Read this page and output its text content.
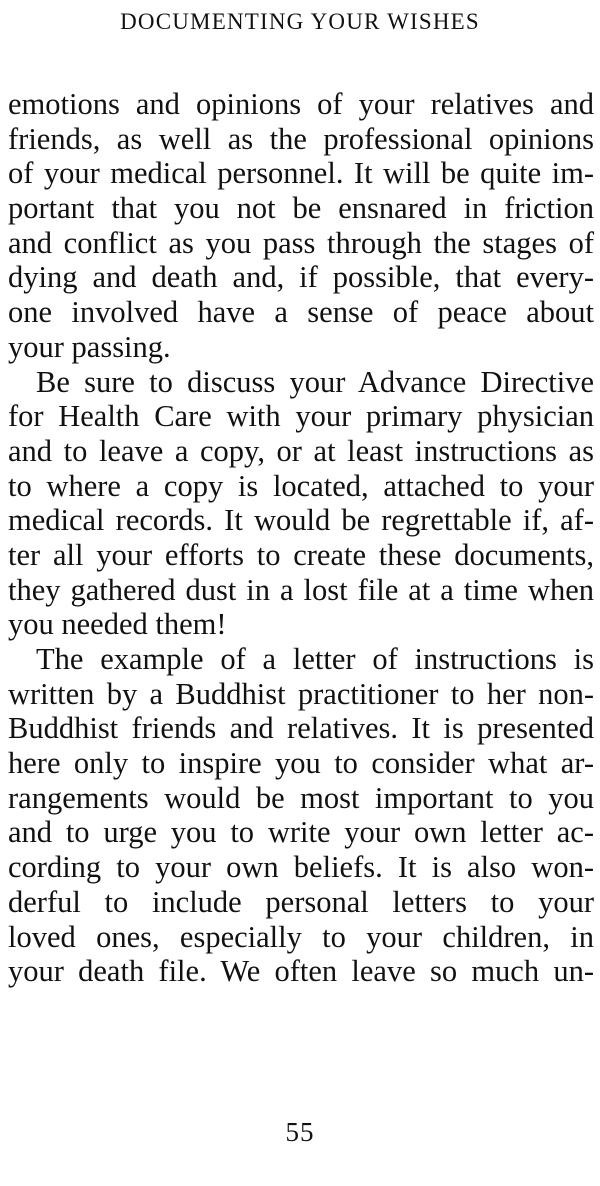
DOCUMENTING YOUR WISHES
emotions and opinions of your relatives and
friends, as well as the professional opinions
of your medical personnel. It will be quite im-
portant that you not be ensnared in friction
and conflict as you pass through the stages of
dying and death and, if possible, that every-
one involved have a sense of peace about
your passing.
Be sure to discuss your Advance Directive
for Health Care with your primary physician
and to leave a copy, or at least instructions as
to where a copy is located, attached to your
medical records. It would be regrettable if, af-
ter all your efforts to create these documents,
they gathered dust in a lost file at a time when
you needed them!
The example of a letter of instructions is
written by a Buddhist practitioner to her non-
Buddhist friends and relatives. It is presented
here only to inspire you to consider what ar-
rangements would be most important to you
and to urge you to write your own letter ac-
cording to your own beliefs. It is also won-
derful to include personal letters to your
loved ones, especially to your children, in
your death file. We often leave so much un-
55
